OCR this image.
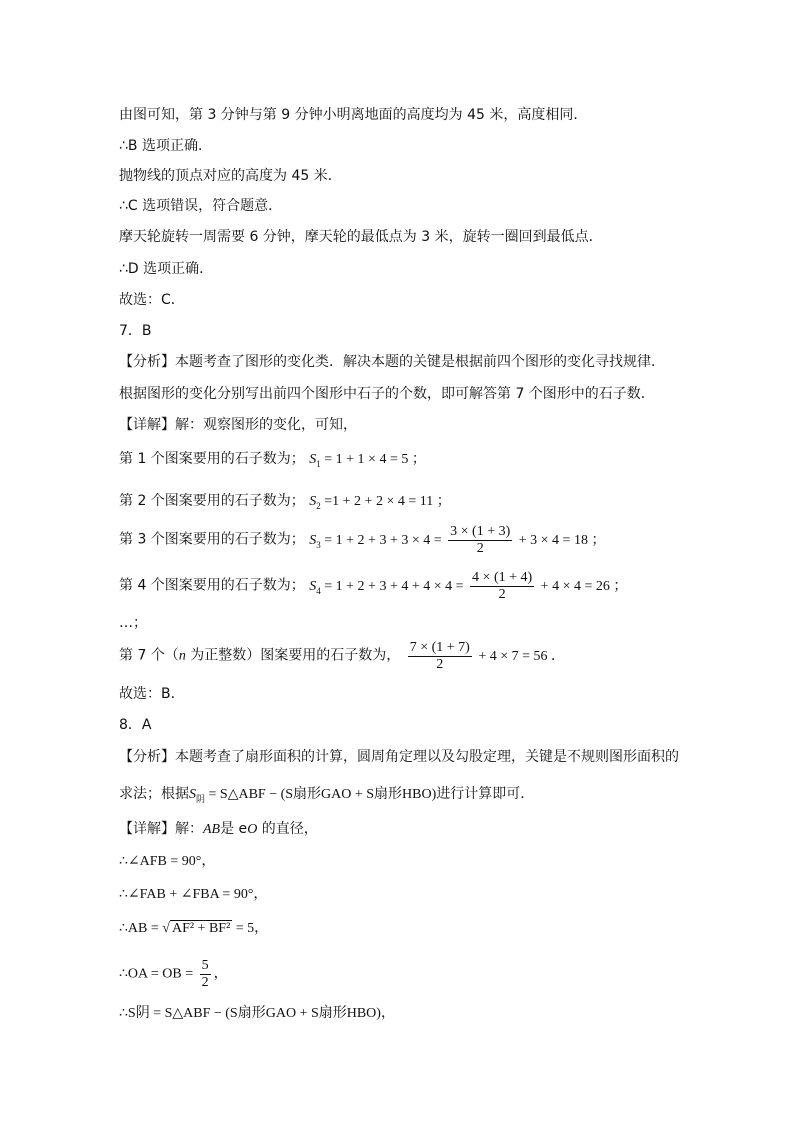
由图可知，第 3 分钟与第 9 分钟小明离地面的高度均为 45 米，高度相同．
∴B 选项正确．
抛物线的顶点对应的高度为 45 米．
∴C 选项错误，符合题意．
摩天轮旋转一周需要 6 分钟，摩天轮的最低点为 3 米，旋转一圈回到最低点．
∴D 选项正确．
故选：C．
7．B
【分析】本题考查了图形的变化类．解决本题的关键是根据前四个图形的变化寻找规律．
根据图形的变化分别写出前四个图形中石子的个数，即可解答第 7 个图形中的石子数．
【详解】解：观察图形的变化，可知，
第 1 个图案要用的石子数为； $S_1 = 1 + 1 \times 4 = 5$ ；
第 2 个图案要用的石子数为； $S_2 =1 + 2 + 2 \times 4 = 11$ ；
第 3 个图案要用的石子数为； $S_3 = 1 + 2 + 3 + 3 \times 4 = \frac{3 \times (1 + 3)}{2} + 3 \times 4 = 18$ ；
第 4 个图案要用的石子数为； $S_4 = 1 + 2 + 3 + 4 + 4 \times 4 = \frac{4 \times (1 + 4)}{2} + 4 \times 4 = 26$ ；
…；
第 7 个（n 为正整数）图案要用的石子数为， $\frac{7 \times (1 + 7)}{2} + 4 \times 7 = 56$ ．
故选：B．
8．A
【分析】本题考查了扇形面积的计算，圆周角定理以及勾股定理，关键是不规则图形面积的
求法；根据$S_阴$ = S△ABF − (S扇形GAO + S扇形HBO)进行计算即可．
【详解】解：AB是 eO 的直径，
∴∠AFB = 90°，
∴∠FAB + ∠FBA = 90°，
∴AB = √ AF² + BF² = 5，
∴OA = OB = $\frac{5}{2}$ ，
∴S阴 = S△ABF − (S扇形GAO + S扇形HBO)，
